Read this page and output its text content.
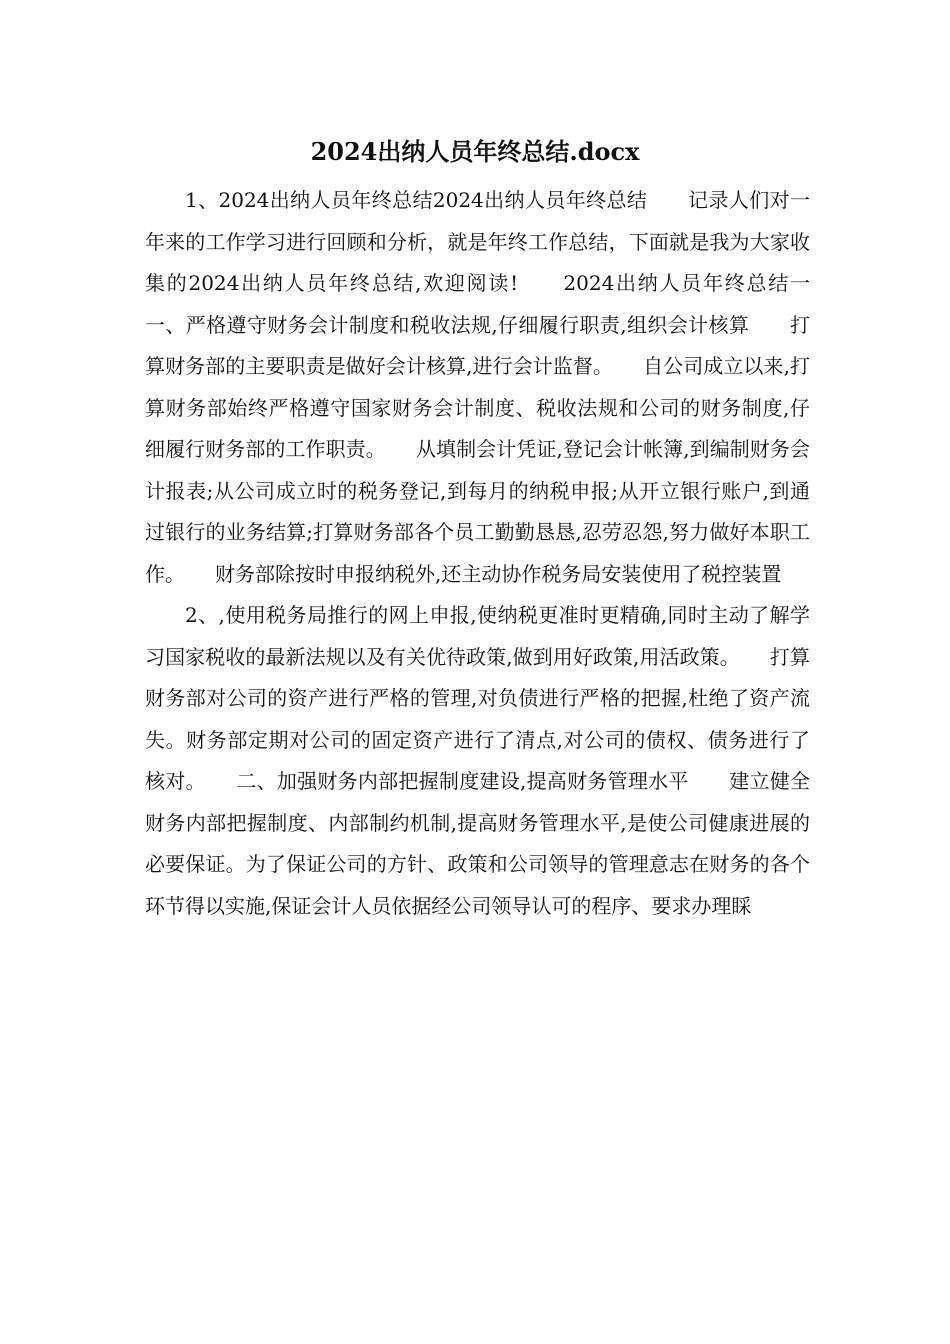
2024出纳人员年终总结.docx

1、2024出纳人员年终总结2024出纳人员年终总结　　记录人们对一年来的工作学习进行回顾和分析，就是年终工作总结，下面就是我为大家收集的2024出纳人员年终总结,欢迎阅读!　　2024出纳人员年终总结一　　一、严格遵守财务会计制度和税收法规,仔细履行职责,组织会计核算　　打算财务部的主要职责是做好会计核算,进行会计监督。　　自公司成立以来,打算财务部始终严格遵守国家财务会计制度、税收法规和公司的财务制度,仔细履行财务部的工作职责。　　从填制会计凭证,登记会计帐簿,到编制财务会计报表;从公司成立时的税务登记,到每月的纳税申报;从开立银行账户,到通过银行的业务结算;打算财务部各个员工勤勤恳恳,忍劳忍怨,努力做好本职工作。　　财务部除按时申报纳税外,还主动协作税务局安装使用了税控装置

2、,使用税务局推行的网上申报,使纳税更准时更精确,同时主动了解学习国家税收的最新法规以及有关优待政策,做到用好政策,用活政策。　　打算财务部对公司的资产进行严格的管理,对负债进行严格的把握,杜绝了资产流失。财务部定期对公司的固定资产进行了清点,对公司的债权、债务进行了核对。　　二、加强财务内部把握制度建设,提高财务管理水平　　建立健全财务内部把握制度、内部制约机制,提高财务管理水平,是使公司健康进展的必要保证。为了保证公司的方针、政策和公司领导的管理意志在财务的各个环节得以实施,保证会计人员依据经公司领导认可的程序、要求办理睬
